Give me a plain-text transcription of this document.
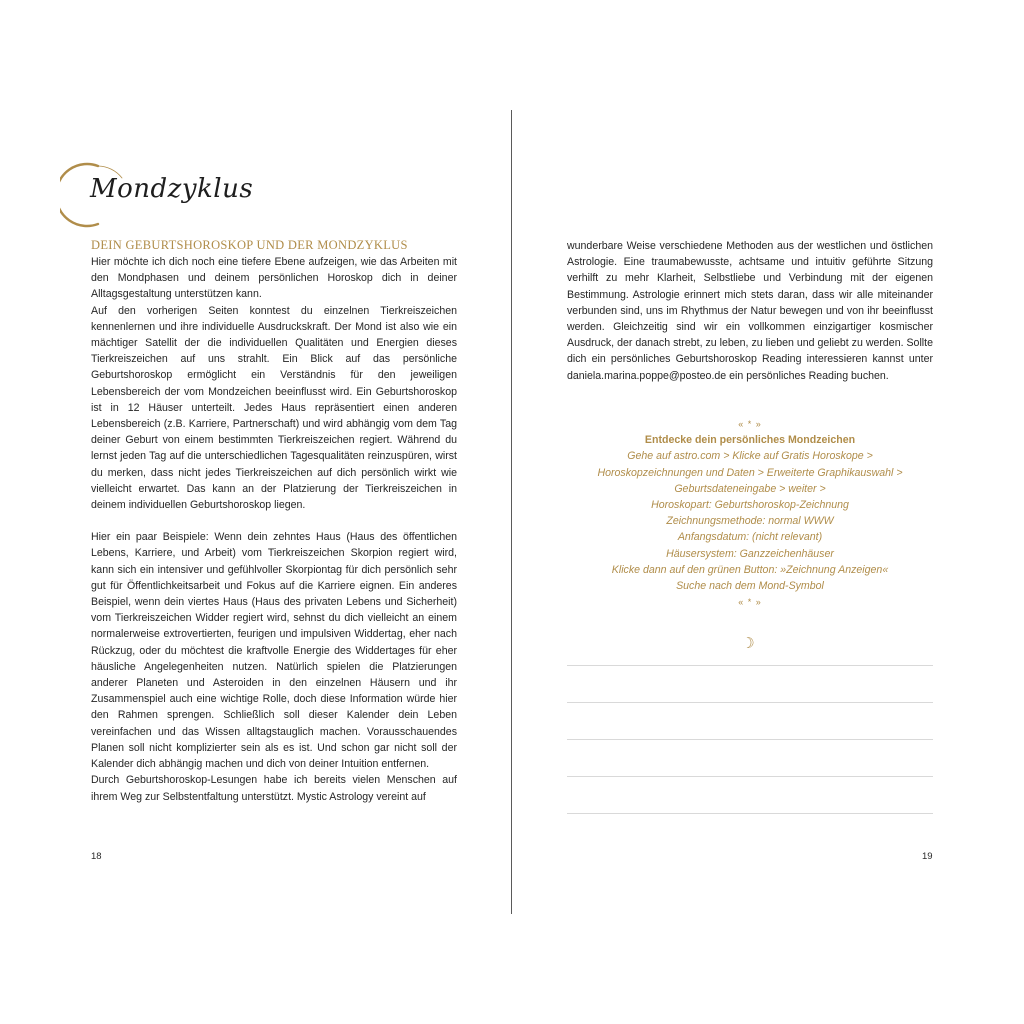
Mondzyklus
DEIN GEBURTSHOROSKOP UND DER MONDZYKLUS

Hier möchte ich dich noch eine tiefere Ebene aufzeigen, wie das Arbeiten mit den Mondphasen und deinem persönlichen Horoskop dich in deiner Alltagsgestaltung unterstützen kann.

Auf den vorherigen Seiten konntest du einzelnen Tierkreiszeichen kennenlernen und ihre individuelle Ausdruckskraft. Der Mond ist also wie ein mächtiger Satellit der die individuellen Qualitäten und Energien dieses Tierkreiszeichen auf uns strahlt. Ein Blick auf das persönliche Geburtshoroskop ermöglicht ein Verständnis für den jeweiligen Lebensbereich der vom Mondzeichen beeinflusst wird. Ein Geburtshoroskop ist in 12 Häuser unterteilt. Jedes Haus repräsentiert einen anderen Lebensbereich (z.B. Karriere, Partnerschaft) und wird abhängig vom dem Tag deiner Geburt von einem bestimmten Tierkreiszeichen regiert. Während du lernst jeden Tag auf die unterschiedlichen Tagesqualitäten reinzuspüren, wirst du merken, dass nicht jedes Tierkreiszeichen auf dich persönlich wirkt wie vielleicht erwartet. Das kann an der Platzierung der Tierkreiszeichen in deinem individuellen Geburtshoroskop liegen.

Hier ein paar Beispiele: Wenn dein zehntes Haus (Haus des öffentlichen Lebens, Karriere, und Arbeit) vom Tierkreiszeichen Skorpion regiert wird, kann sich ein intensiver und gefühlvoller Skorpiontag für dich persönlich sehr gut für Öffentlichkeitsarbeit und Fokus auf die Karriere eignen. Ein anderes Beispiel, wenn dein viertes Haus (Haus des privaten Lebens und Sicherheit) vom Tierkreiszeichen Widder regiert wird, sehnst du dich vielleicht an einem normalerweise extrovertierten, feurigen und impulsiven Widdertag, eher nach Rückzug, oder du möchtest die kraftvolle Energie des Widdertages für eher häusliche Angelegenheiten nutzen. Natürlich spielen die Platzierungen anderer Planeten und Asteroiden in den einzelnen Häusern und ihr Zusammenspiel auch eine wichtige Rolle, doch diese Information würde hier den Rahmen sprengen. Schließlich soll dieser Kalender dein Leben vereinfachen und das Wissen alltagstauglich machen. Vorausschauendes Planen soll nicht komplizierter sein als es ist. Und schon gar nicht soll der Kalender dich abhängig machen und dich von deiner Intuition entfernen.

Durch Geburtshoroskop-Lesungen habe ich bereits vielen Menschen auf ihrem Weg zur Selbstentfaltung unterstützt. Mystic Astrology vereint auf

18

wunderbare Weise verschiedene Methoden aus der westlichen und östlichen Astrologie. Eine traumabewusste, achtsame und intuitiv geführte Sitzung verhilft zu mehr Klarheit, Selbstliebe und Verbindung mit der eigenen Bestimmung. Astrologie erinnert mich stets daran, dass wir alle miteinander verbunden sind, uns im Rhythmus der Natur bewegen und von ihr beeinflusst werden. Gleichzeitig sind wir ein vollkommen einzigartiger kosmischer Ausdruck, der danach strebt, zu leben, zu lieben und geliebt zu werden. Sollte dich ein persönliches Geburtshoroskop Reading interessieren kannst unter daniela.marina.poppe@posteo.de ein persönliches Reading buchen.

« * »
Entdecke dein persönliches Mondzeichen
Gehe auf astro.com > Klicke auf Gratis Horoskope >
Horoskopzeichnungen und Daten > Erweiterte Graphikauswahl >
Geburtsdateneingabe > weiter >
Horoskopart: Geburtshoroskop-Zeichnung
Zeichnungsmethode: normal WWW
Anfangsdatum: (nicht relevant)
Häusersystem: Ganzzeichenhäuser
Klicke dann auf den grünen Button: »Zeichnung Anzeigen«
Suche nach dem Mond-Symbol
« * »
☽
19
